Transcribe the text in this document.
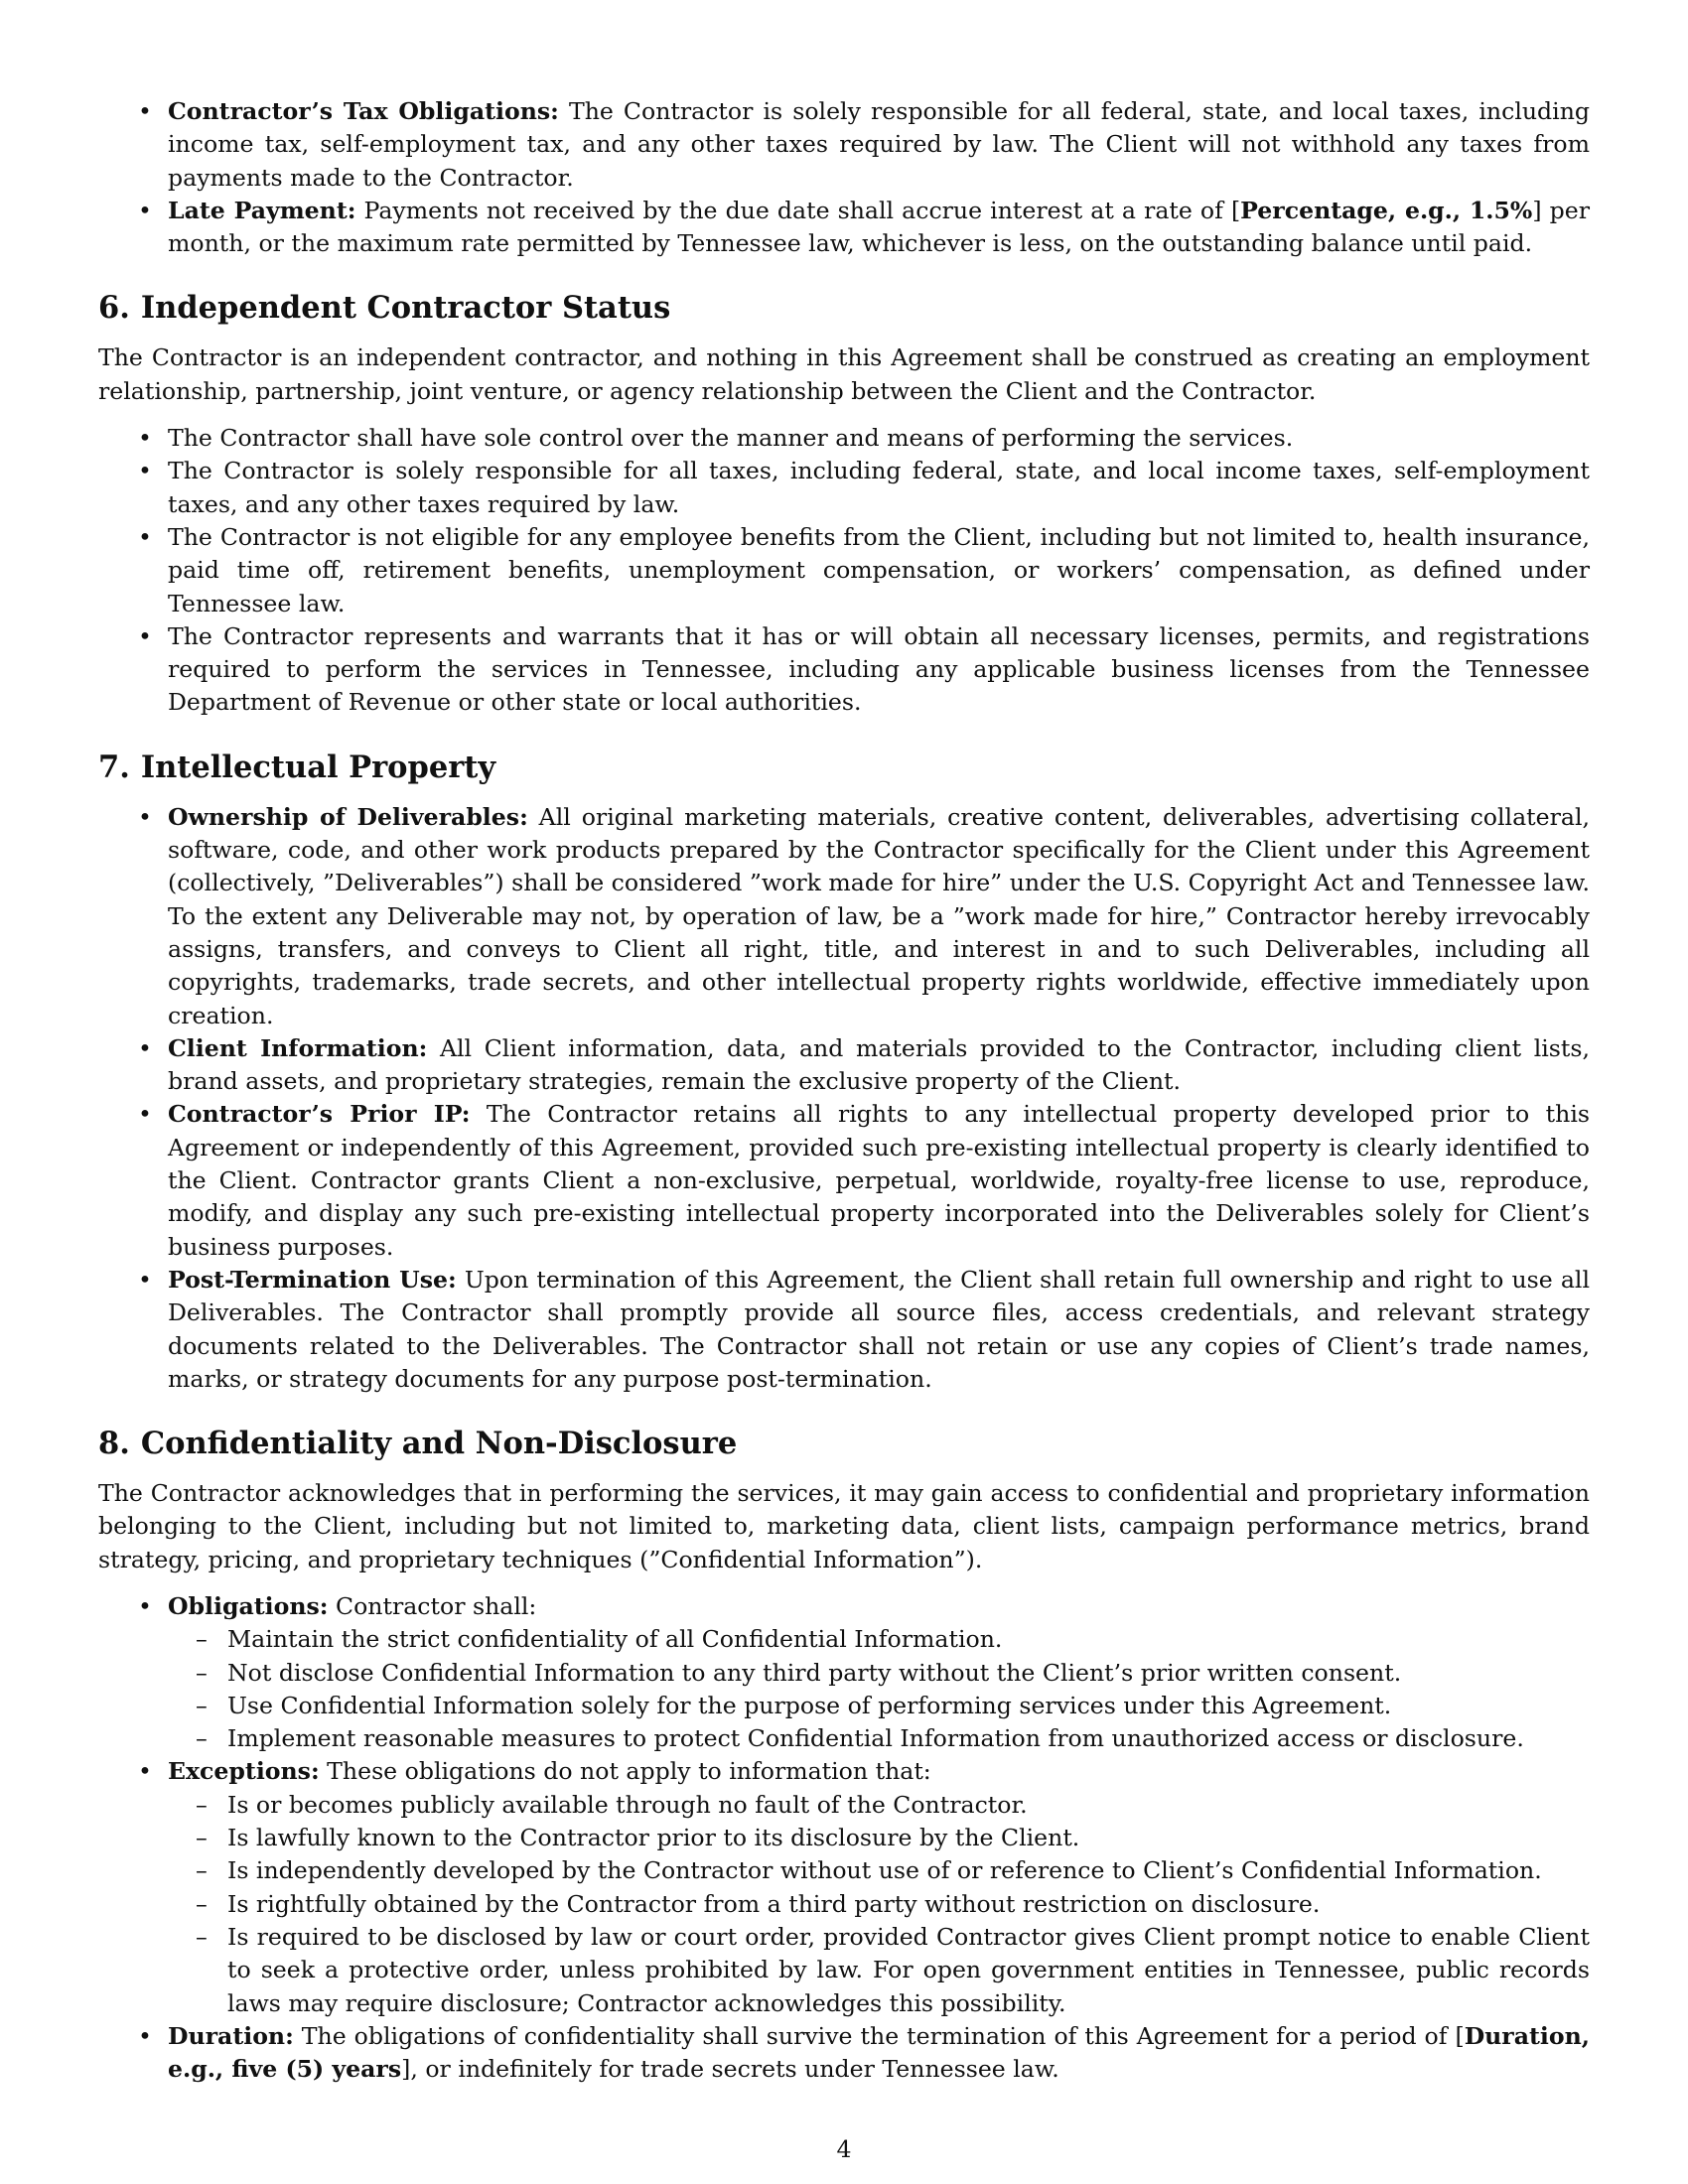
• Contractor’s Tax Obligations: The Contractor is solely responsible for all federal, state, and local taxes, including income tax, self-employment tax, and any other taxes required by law. The Client will not withhold any taxes from payments made to the Contractor.
• Late Payment: Payments not received by the due date shall accrue interest at a rate of [Percentage, e.g., 1.5%] per month, or the maximum rate permitted by Tennessee law, whichever is less, on the outstanding balance until paid.
6. Independent Contractor Status

The Contractor is an independent contractor, and nothing in this Agreement shall be construed as creating an employment relationship, partnership, joint venture, or agency relationship between the Client and the Contractor.

• The Contractor shall have sole control over the manner and means of performing the services.
• The Contractor is solely responsible for all taxes, including federal, state, and local income taxes, self-employment taxes, and any other taxes required by law.
• The Contractor is not eligible for any employee benefits from the Client, including but not limited to, health insurance, paid time off, retirement benefits, unemployment compensation, or workers’ compensation, as defined under Tennessee law.
• The Contractor represents and warrants that it has or will obtain all necessary licenses, permits, and registrations required to perform the services in Tennessee, including any applicable business licenses from the Tennessee Department of Revenue or other state or local authorities.
7. Intellectual Property
• Ownership of Deliverables: All original marketing materials, creative content, deliverables, advertising collateral, software, code, and other work products prepared by the Contractor specifically for the Client under this Agreement (collectively, ”Deliverables”) shall be considered ”work made for hire” under the U.S. Copyright Act and Tennessee law. To the extent any Deliverable may not, by operation of law, be a ”work made for hire,” Contractor hereby irrevocably assigns, transfers, and conveys to Client all right, title, and interest in and to such Deliverables, including all copyrights, trademarks, trade secrets, and other intellectual property rights worldwide, effective immediately upon creation.
• Client Information: All Client information, data, and materials provided to the Contractor, including client lists, brand assets, and proprietary strategies, remain the exclusive property of the Client.
• Contractor’s Prior IP: The Contractor retains all rights to any intellectual property developed prior to this Agreement or independently of this Agreement, provided such pre-existing intellectual property is clearly identified to the Client. Contractor grants Client a non-exclusive, perpetual, worldwide, royalty-free license to use, reproduce, modify, and display any such pre-existing intellectual property incorporated into the Deliverables solely for Client’s business purposes.
• Post-Termination Use: Upon termination of this Agreement, the Client shall retain full ownership and right to use all Deliverables. The Contractor shall promptly provide all source files, access credentials, and relevant strategy documents related to the Deliverables. The Contractor shall not retain or use any copies of Client’s trade names, marks, or strategy documents for any purpose post-termination.
8. Confidentiality and Non-Disclosure

The Contractor acknowledges that in performing the services, it may gain access to confidential and proprietary information belonging to the Client, including but not limited to, marketing data, client lists, campaign performance metrics, brand strategy, pricing, and proprietary techniques (”Confidential Information”).

• Obligations: Contractor shall:
– Maintain the strict confidentiality of all Confidential Information.
– Not disclose Confidential Information to any third party without the Client’s prior written consent.
– Use Confidential Information solely for the purpose of performing services under this Agreement.
– Implement reasonable measures to protect Confidential Information from unauthorized access or disclosure.
• Exceptions: These obligations do not apply to information that:
– Is or becomes publicly available through no fault of the Contractor.
– Is lawfully known to the Contractor prior to its disclosure by the Client.
– Is independently developed by the Contractor without use of or reference to Client’s Confidential Information.
– Is rightfully obtained by the Contractor from a third party without restriction on disclosure.
– Is required to be disclosed by law or court order, provided Contractor gives Client prompt notice to enable Client to seek a protective order, unless prohibited by law. For open government entities in Tennessee, public records laws may require disclosure; Contractor acknowledges this possibility.
• Duration: The obligations of confidentiality shall survive the termination of this Agreement for a period of [Duration, e.g., five (5) years], or indefinitely for trade secrets under Tennessee law.
4
